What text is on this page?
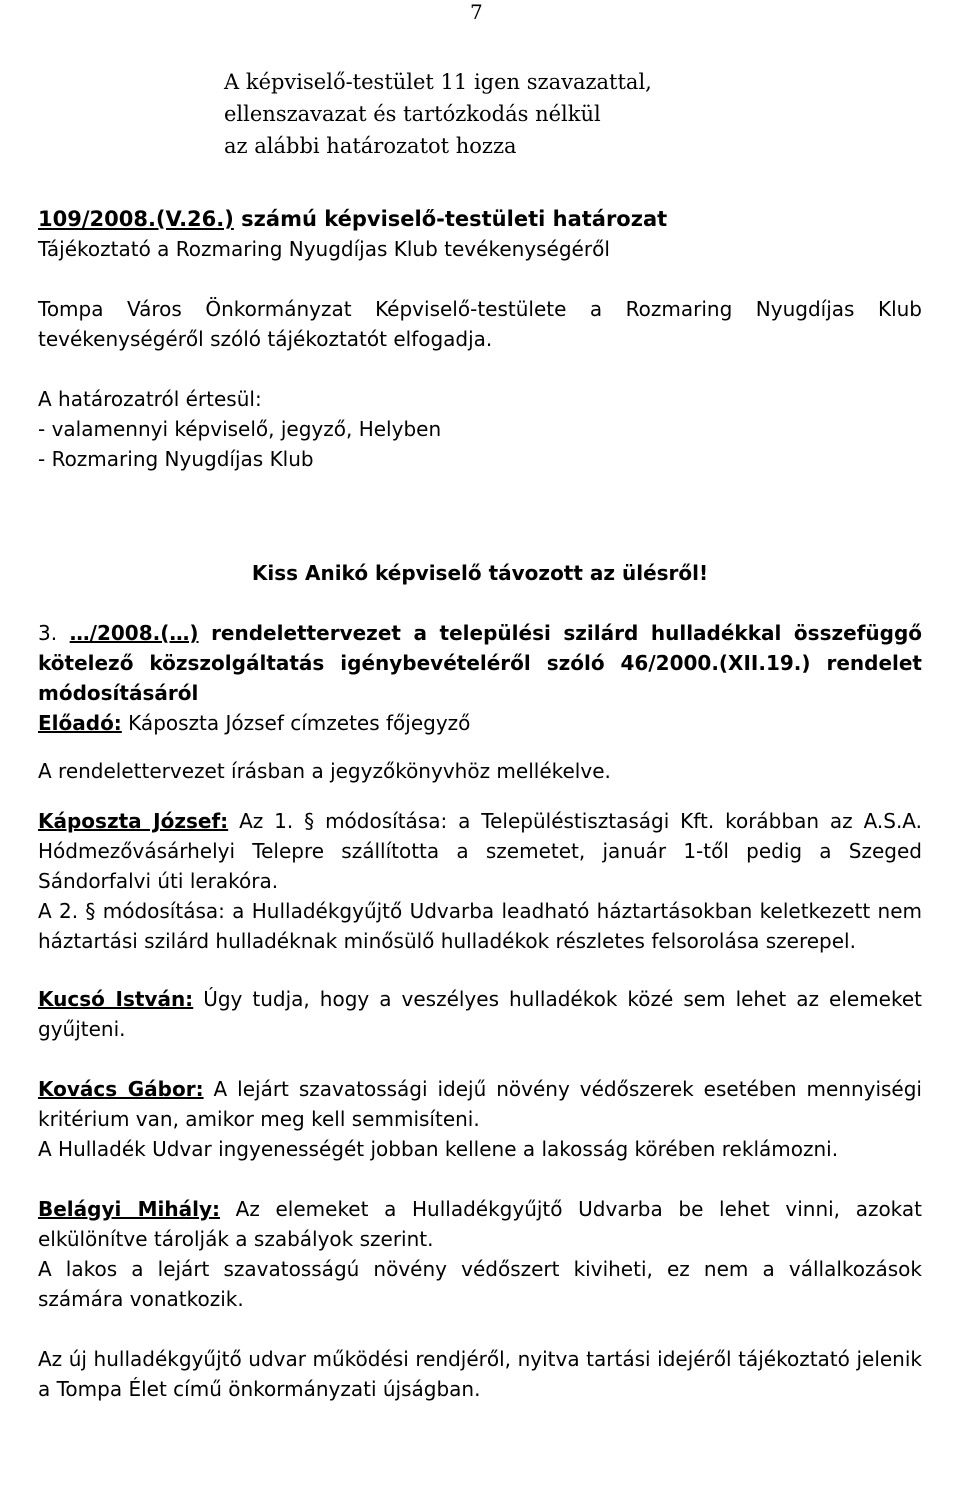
7

A képviselő-testület 11 igen szavazattal,

ellenszavazat és tartózkodás nélkül

az alábbi határozatot hozza

109/2008.(V.26.) számú képviselő-testületi határozat

Tájékoztató a Rozmaring Nyugdíjas Klub tevékenységéről

Tompa Város Önkormányzat Képviselő-testülete a Rozmaring Nyugdíjas Klub tevékenységéről szóló tájékoztatót elfogadja.

A határozatról értesül:

- valamennyi képviselő, jegyző, Helyben

- Rozmaring Nyugdíjas Klub

Kiss Anikó képviselő távozott az ülésről!

3. …/2008.(…) rendelettervezet a települési szilárd hulladékkal összefüggő kötelező közszolgáltatás igénybevételéről szóló 46/2000.(XII.19.) rendelet módosításáról

Előadó: Káposzta József címzetes főjegyző

A rendelettervezet írásban a jegyzőkönyvhöz mellékelve.

Káposzta József: Az 1. § módosítása: a Településtisztasági Kft. korábban az A.S.A. Hódmezővásárhelyi Telepre szállította a szemetet, január 1-től pedig a Szeged Sándorfalvi úti lerakóra.

A 2. § módosítása: a Hulladékgyűjtő Udvarba leadható háztartásokban keletkezett nem háztartási szilárd hulladéknak minősülő hulladékok részletes felsorolása szerepel.

Kucsó István: Úgy tudja, hogy a veszélyes hulladékok közé sem lehet az elemeket gyűjteni.

Kovács Gábor: A lejárt szavatossági idejű növény védőszerek esetében mennyiségi kritérium van, amikor meg kell semmisíteni.

A Hulladék Udvar ingyenességét jobban kellene a lakosság körében reklámozni.

Belágyi Mihály: Az elemeket a Hulladékgyűjtő Udvarba be lehet vinni, azokat elkülönítve tárolják a szabályok szerint.

A lakos a lejárt szavatosságú növény védőszert kiviheti, ez nem a vállalkozások számára vonatkozik.

Az új hulladékgyűjtő udvar működési rendjéről, nyitva tartási idejéről tájékoztató jelenik a Tompa Élet című önkormányzati újságban.
